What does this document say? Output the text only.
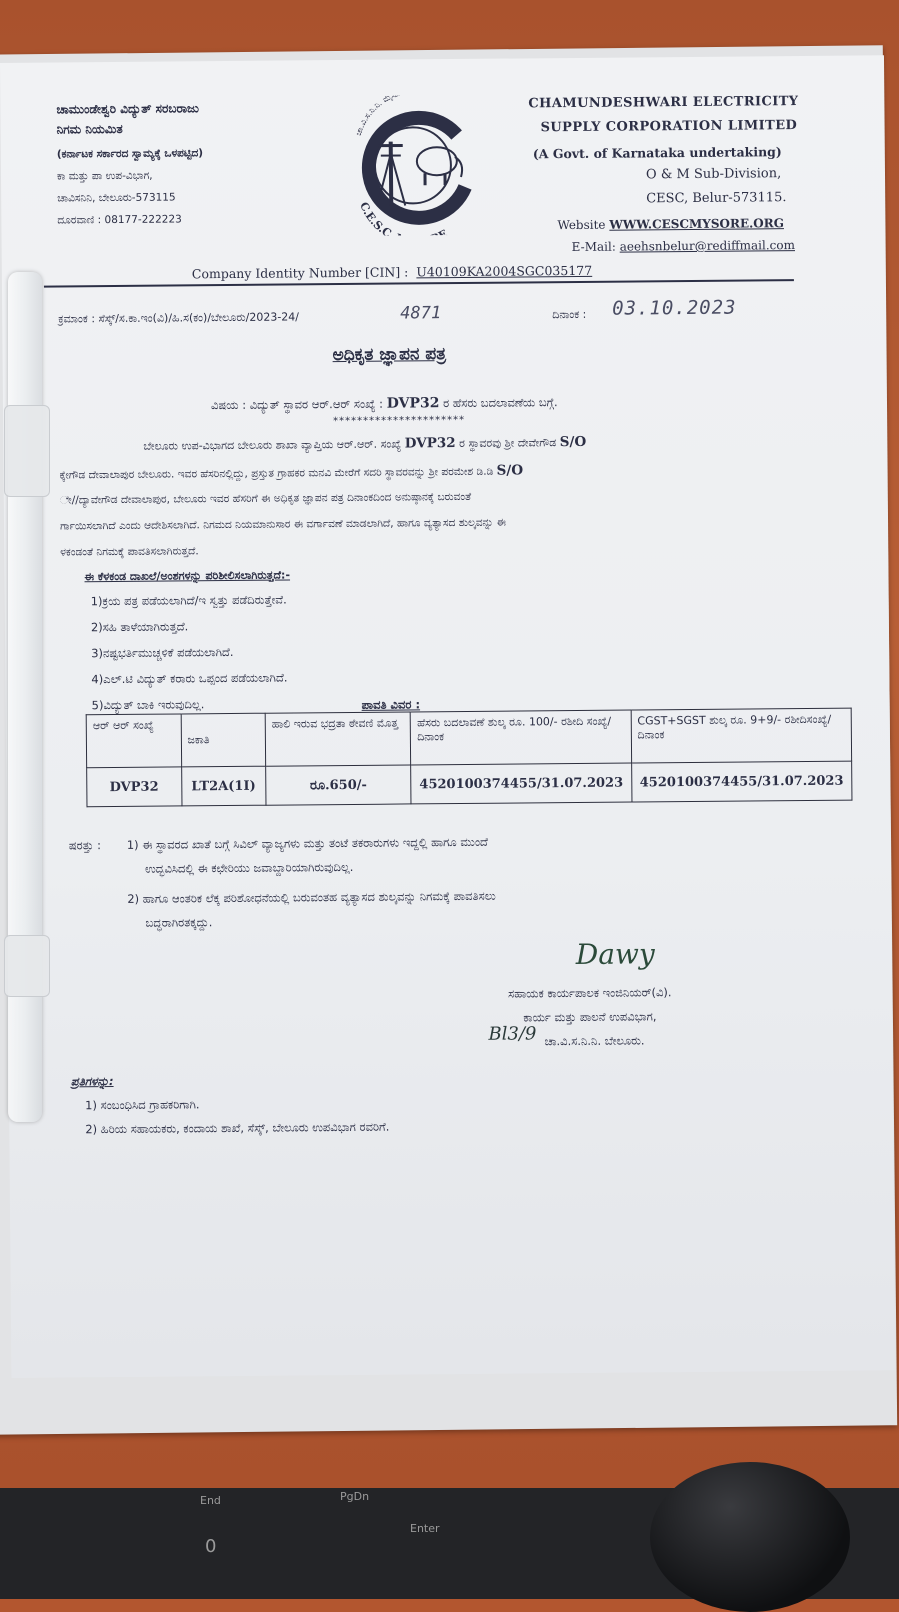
End	PgDn
Enter
0
ಚಾಮುಂಡೇಶ್ವರಿ ವಿದ್ಯುತ್ ಸರಬರಾಜು
ನಿಗಮ ನಿಯಮಿತ
(ಕರ್ನಾಟಕ ಸರ್ಕಾರದ ಸ್ವಾಮ್ಯಕ್ಕೆ ಒಳಪಟ್ಟಿದ)
ಕಾ ಮತ್ತು ಪಾ ಉಪ-ವಿಭಾಗ,
ಚಾವಿಸನಿನಿ, ಬೇಲೂರು-573115
ದೂರವಾಣಿ : 08177-222223
ಚಾ.ವಿ.ಸ.ನಿ.ನಿ. ಮೈಸೂರು
C.E.S.C, MYSORE
CHAMUNDESHWARI ELECTRICITY
SUPPLY CORPORATION LIMITED
(A Govt. of Karnataka undertaking)
O & M Sub-Division,
CESC, Belur-573115.
Website WWW.CESCMYSORE.ORG
E-Mail: aeehsnbelur@rediffmail.com
Company Identity Number [CIN] : U40109KA2004SGC035177
ಕ್ರಮಾಂಕ : ಸೆಸ್ಕ್/ಸ.ಕಾ.ಇಂ(ವಿ)/ಹಿ.ಸ(ಕಂ)/ಬೇಲೂರು/2023-24/	4871	ದಿನಾಂಕ : 03.10.2023
ಅಧಿಕೃತ ಜ್ಞಾಪನ ಪತ್ರ
ವಿಷಯ : ವಿದ್ಯುತ್ ಸ್ಥಾವರ ಆರ್.ಆರ್ ಸಂಖ್ಯೆ : DVP32 ರ ಹೆಸರು ಬದಲಾವಣೆಯ ಬಗ್ಗೆ.
**********************
ಬೇಲೂರು ಉಪ-ವಿಭಾಗದ ಬೇಲೂರು ಶಾಖಾ ವ್ಯಾಪ್ತಿಯ ಆರ್.ಆರ್. ಸಂಖ್ಯೆ DVP32 ರ ಸ್ಥಾವರವು ಶ್ರೀ ದೇವೇಗೌಡ S/O
ಕ್ಕೇಗೌಡ ದೇವಾಲಾಪುರ ಬೇಲೂರು. ಇವರ ಹೆಸರಿನಲ್ಲಿದ್ದು, ಪ್ರಸ್ತುತ ಗ್ರಾಹಕರ ಮನವಿ ಮೇರೆಗೆ ಸದರಿ ಸ್ಥಾವರವನ್ನು ಶ್ರೀ ಪರಮೇಶ ಡಿ.ಡಿ S/O
ೇ//ದ್ಯಾವೇಗೌಡ ದೇವಾಲಾಪುರ, ಬೇಲೂರು ಇವರ ಹೆಸರಿಗೆ ಈ ಅಧಿಕೃತ ಜ್ಞಾಪನ ಪತ್ರ ದಿನಾಂಕದಿಂದ ಅನುಷ್ಠಾನಕ್ಕೆ ಬರುವಂತೆ
ರ್ಗಾಯಿಸಲಾಗಿದೆ ಎಂದು ಆದೇಶಿಸಲಾಗಿದೆ. ನಿಗಮದ ನಿಯಮಾನುಸಾರ ಈ ವರ್ಗಾವಣೆ ಮಾಡಲಾಗಿದೆ, ಹಾಗೂ ವ್ಯತ್ಯಾಸದ ಶುಲ್ಕವನ್ನು ಈ
ಳಕಂಡಂತೆ ನಿಗಮಕ್ಕೆ ಪಾವತಿಸಲಾಗಿರುತ್ತದೆ.
ಈ ಕೆಳಕಂಡ ದಾಖಲೆ/ಅಂಶಗಳನ್ನು ಪರಿಶೀಲಿಸಲಾಗಿರುತ್ತದೆ:-
1)ಕ್ರಯ ಪತ್ರ ಪಡೆಯಲಾಗಿದೆ/ಇ ಸ್ವತ್ತು ಪಡೆದಿರುತ್ತೇವೆ.
2)ಸಹಿ ತಾಳೆಯಾಗಿರುತ್ತದೆ.
3)ನಷ್ಟಭರ್ತಿಮುಚ್ಚಳಿಕೆ ಪಡೆಯಲಾಗಿದೆ.
4)ಎಲ್.ಟಿ ವಿದ್ಯುತ್ ಕರಾರು ಒಪ್ಪಂದ ಪಡೆಯಲಾಗಿದೆ.
5)ವಿದ್ಯುತ್ ಬಾಕಿ ಇರುವುದಿಲ್ಲ.	ಪಾವತಿ ವಿವರ :
ಆರ್ ಆರ್ ಸಂಖ್ಯೆ	ಜಕಾತಿ	ಹಾಲಿ ಇರುವ ಭದ್ರತಾ ಠೇವಣಿ ಮೊತ್ತ	ಹೆಸರು ಬದಲಾವಣೆ ಶುಲ್ಕ ರೂ. 100/- ರಶೀದಿ ಸಂಖ್ಯೆ/ದಿನಾಂಕ	CGST+SGST ಶುಲ್ಕ ರೂ. 9+9/- ರಶೀದಿಸಂಖ್ಯೆ/ದಿನಾಂಕ
DVP32	LT2A(1I)	ರೂ.650/-	4520100374455/31.07.2023	4520100374455/31.07.2023
ಷರತ್ತು : 1) ಈ ಸ್ಥಾವರದ ಖಾತೆ ಬಗ್ಗೆ ಸಿವಿಲ್ ವ್ಯಾಜ್ಯಗಳು ಮತ್ತು ತಂಟೆ ತಕರಾರುಗಳು ಇದ್ದಲ್ಲಿ ಹಾಗೂ ಮುಂದೆ
ಉದ್ಭವಿಸಿದಲ್ಲಿ ಈ ಕಛೇರಿಯು ಜವಾಬ್ದಾರಿಯಾಗಿರುವುದಿಲ್ಲ.
2) ಹಾಗೂ ಆಂತರಿಕ ಲೆಕ್ಕ ಪರಿಶೋಧನೆಯಲ್ಲಿ ಬರುವಂತಹ ವ್ಯತ್ಯಾಸದ ಶುಲ್ಕವನ್ನು ನಿಗಮಕ್ಕೆ ಪಾವತಿಸಲು
ಬದ್ಧರಾಗಿರತಕ್ಕದ್ದು.
Dawy
ಸಹಾಯಕ ಕಾರ್ಯಪಾಲಕ ಇಂಜಿನಿಯರ್(ವಿ).
ಕಾರ್ಯ ಮತ್ತು ಪಾಲನೆ ಉಪವಿಭಾಗ,
ಚಾ.ವಿ.ಸ.ನಿ.ನಿ. ಬೇಲೂರು.
Bl3/9
ಪ್ರತಿಗಳನ್ನು:
1) ಸಂಬಂಧಿಸಿದ ಗ್ರಾಹಕರಿಗಾಗಿ.
2) ಹಿರಿಯ ಸಹಾಯಕರು, ಕಂದಾಯ ಶಾಖೆ, ಸೆಸ್ಕ್, ಬೇಲೂರು ಉಪವಿಭಾಗ ರವರಿಗೆ.
